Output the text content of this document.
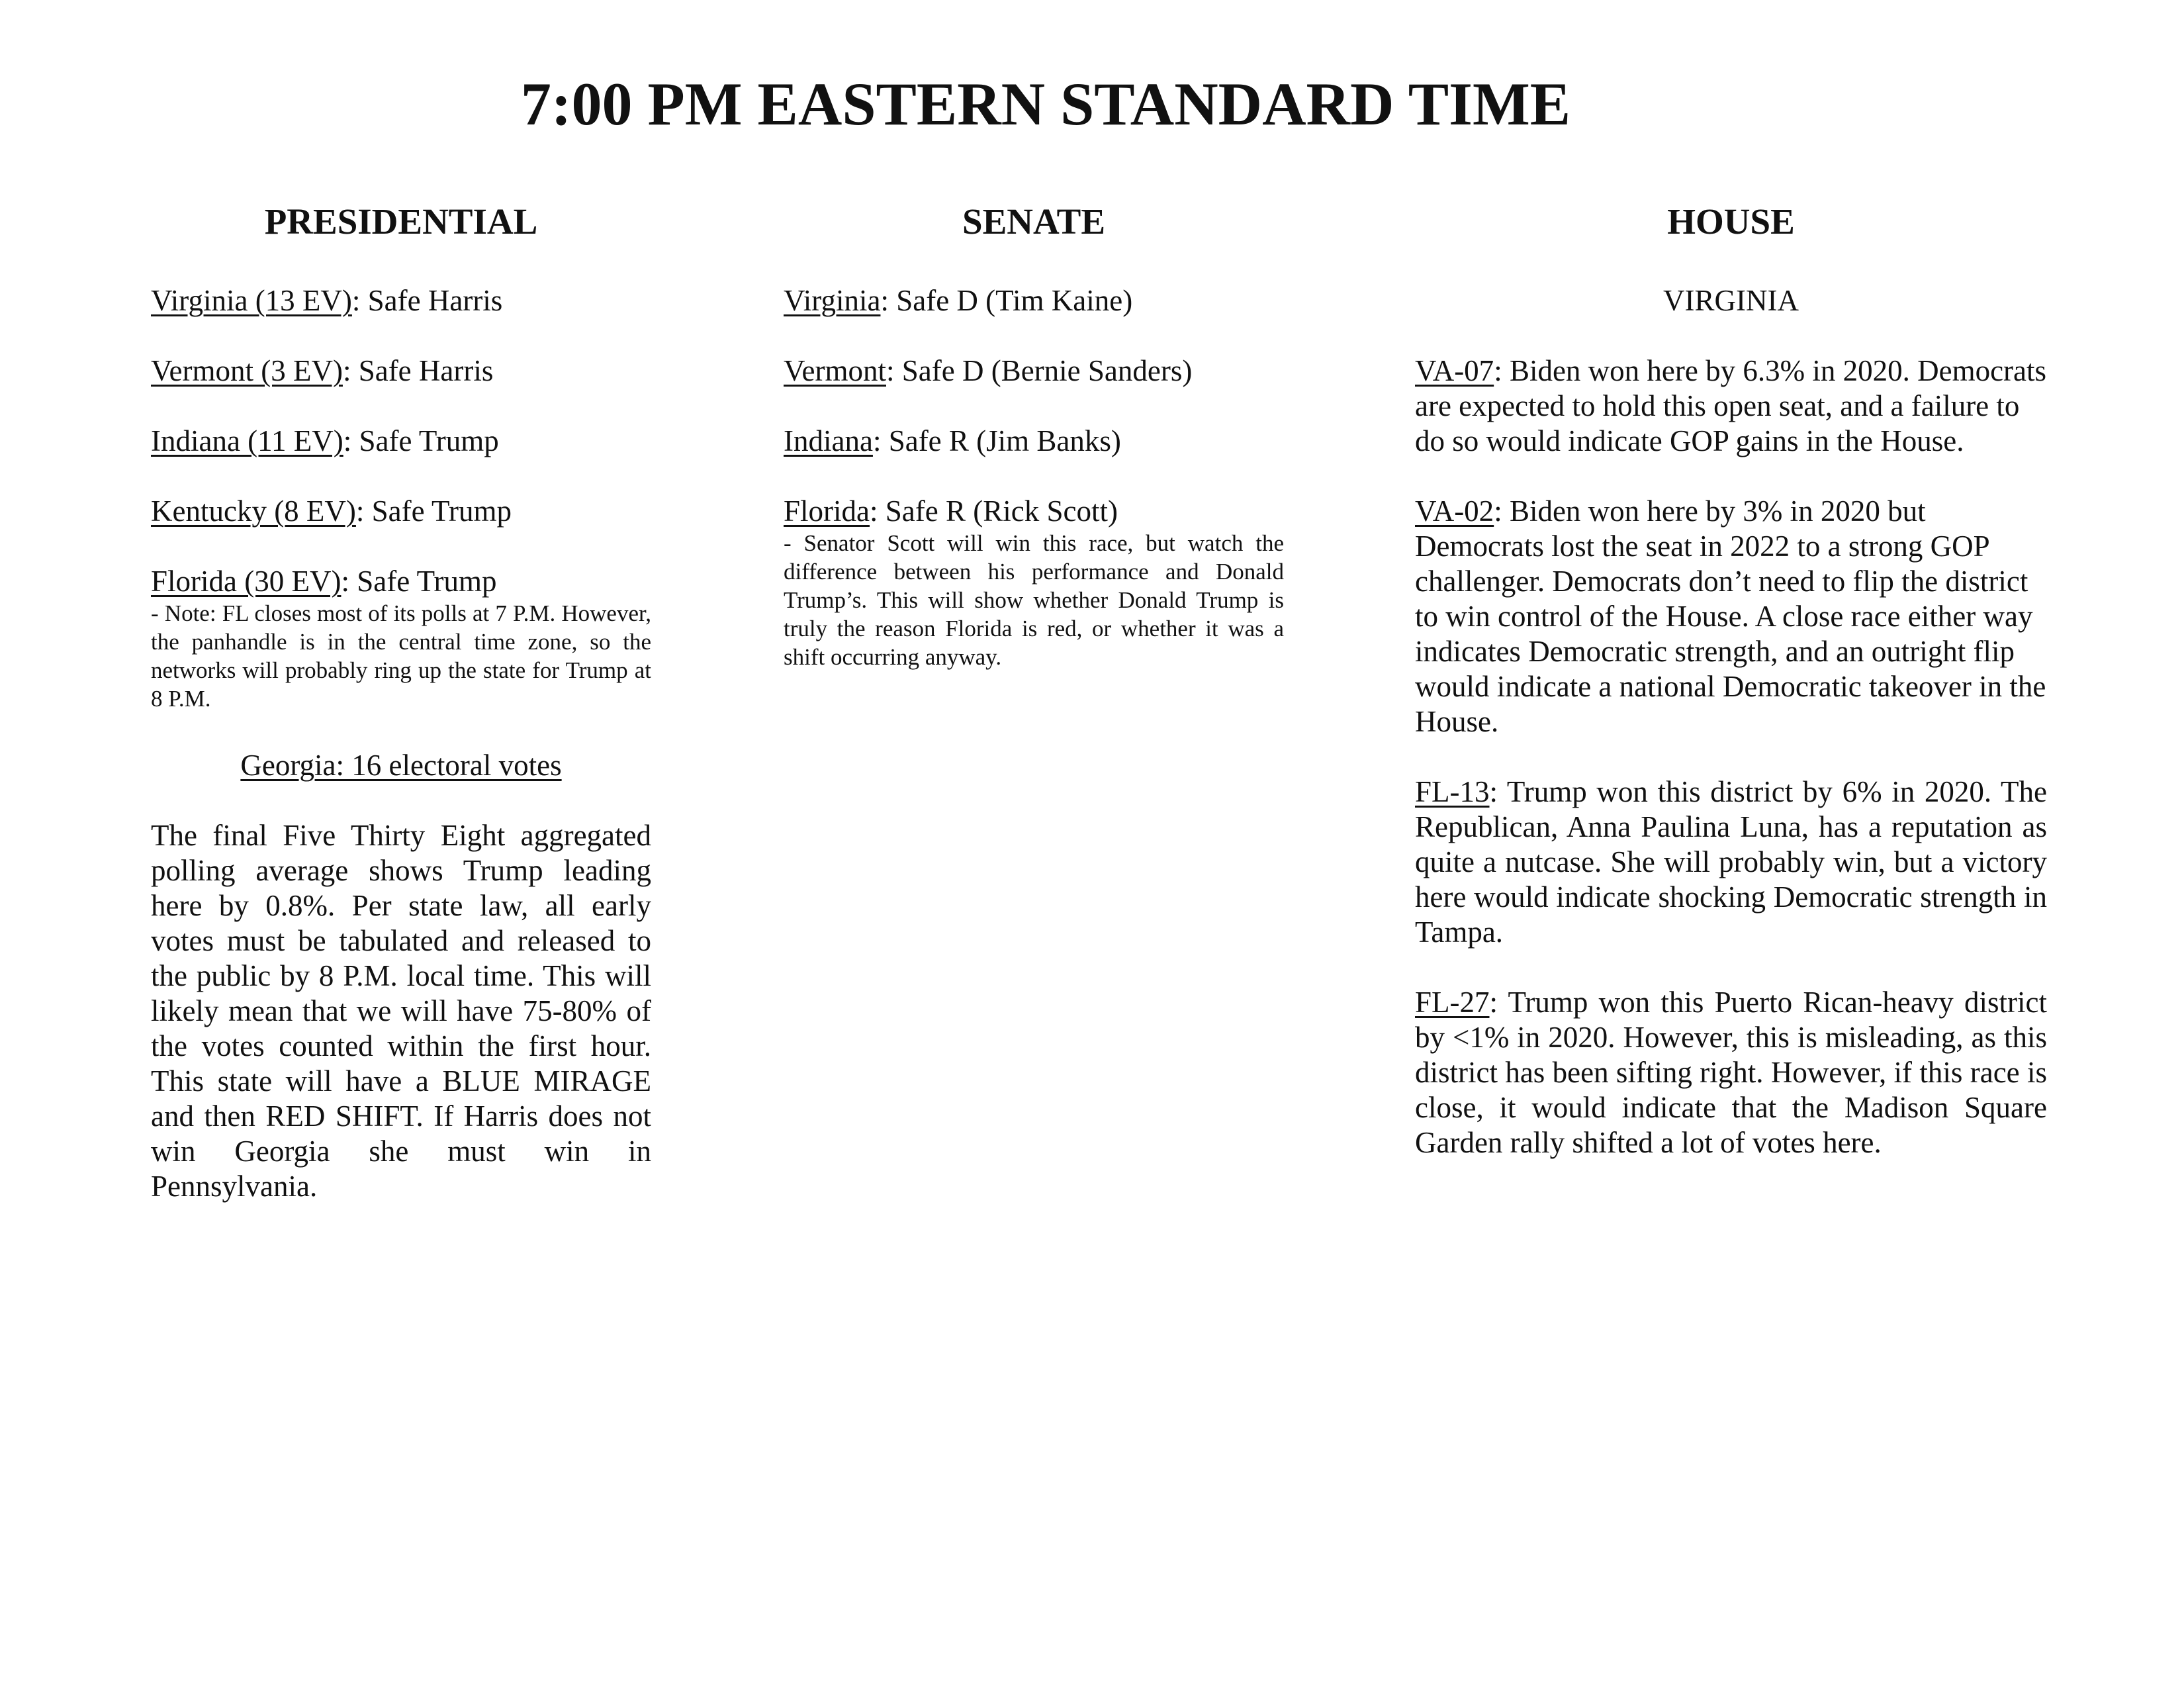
7:00 PM EASTERN STANDARD TIME
PRESIDENTIAL

Virginia (13 EV): Safe Harris

Vermont (3 EV): Safe Harris

Indiana (11 EV): Safe Trump

Kentucky (8 EV): Safe Trump

Florida (30 EV): Safe Trump

- Note: FL closes most of its polls at 7 P.M. However, the panhandle is in the central time zone, so the networks will probably ring up the state for Trump at 8 P.M.

Georgia: 16 electoral votes

The final Five Thirty Eight aggregated polling average shows Trump leading here by 0.8%. Per state law, all early votes must be tabulated and released to the public by 8 P.M. local time. This will likely mean that we will have 75-80% of the votes counted within the first hour. This state will have a BLUE MIRAGE and then RED SHIFT. If Harris does not win Georgia she must win in Pennsylvania.

SENATE

Virginia: Safe D (Tim Kaine)

Vermont: Safe D (Bernie Sanders)

Indiana: Safe R (Jim Banks)

Florida: Safe R (Rick Scott)

- Senator Scott will win this race, but watch the difference between his performance and Donald Trump’s. This will show whether Donald Trump is truly the reason Florida is red, or whether it was a shift occurring anyway.

HOUSE

VIRGINIA

VA-07: Biden won here by 6.3% in 2020. Democrats are expected to hold this open seat, and a failure to do so would indicate GOP gains in the House.

VA-02: Biden won here by 3% in 2020 but Democrats lost the seat in 2022 to a strong GOP challenger. Democrats don’t need to flip the district to win control of the House. A close race either way indicates Democratic strength, and an outright flip would indicate a national Democratic takeover in the House.

FL-13: Trump won this district by 6% in 2020. The Republican, Anna Paulina Luna, has a reputation as quite a nutcase. She will probably win, but a victory here would indicate shocking Democratic strength in Tampa.

FL-27: Trump won this Puerto Rican-heavy district by <1% in 2020. However, this is misleading, as this district has been sifting right. However, if this race is close, it would indicate that the Madison Square Garden rally shifted a lot of votes here.
